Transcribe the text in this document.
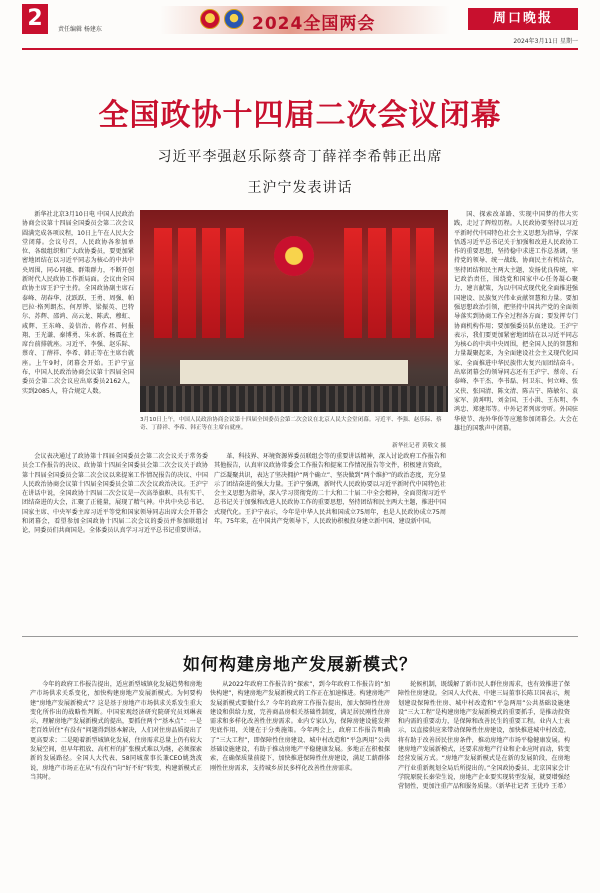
2	责任编辑 杨建东	2024全国两会	周口晚报
2024年3月11日 星期一
全国政协十四届二次会议闭幕
习近平李强赵乐际蔡奇丁薛祥李希韩正出席
王沪宁发表讲话

新华社北京3月10日电 中国人民政治协商会议第十四届全国委员会第二次会议圆满完成各项议程，10日上午在人民大会堂闭幕。会议号召，人民政协各参加单位、各级组织和广大政协委员，要更加紧密地团结在以习近平同志为核心的中共中央周围，同心同德、群策群力，不断开创新时代人民政协工作新局面。会议由全国政协主席王沪宁主持。全国政协副主席石泰峰、胡春华、沈跃跃、王勇、周强、帕巴拉·格列朗杰、何厚铧、梁振英、巴特尔、苏辉、邵鸿、高云龙、陈武、穆虹、咸辉、王东峰、姜信治、蒋作君、何报翔、王光谦、秦博勇、朱永新、杨震在主席台前排就座。习近平、李强、赵乐际、蔡奇、丁薛祥、李希、韩正等在主席台就座。上午9时，闭幕会开始。王沪宁宣布，中国人民政治协商会议第十四届全国委员会第二次会议应出席委员2162人，实到2085人，符合规定人数。

3月10日上午，中国人民政治协商会议第十四届全国委员会第二次会议在北京人民大会堂闭幕。习近平、李强、赵乐际、蔡奇、丁薛祥、李希、韩正等在主席台就座。
新华社记者 黄敬文 摄

国、探索改革路、实现中国梦的伟大实践，走过了辉煌历程。人民政协要坚持以习近平新时代中国特色社会主义思想为指导，学深悟透习近平总书记关于加强和改进人民政协工作的重要思想，坚持稳中求进工作总基调，坚持党的领导、统一战线、协商民主有机结合，坚持团结和民主两大主题，发扬优良传统，牢记政治责任，围绕党和国家中心任务凝心聚力、建言献策，为以中国式现代化全面推进强国建设、民族复兴伟业贡献智慧和力量。要加强思想政治引领，把坚持中国共产党的全面领导落实到协商工作全过程各方面；要发挥专门协商机构作用；要加强委员队伍建设。王沪宁表示，我们要更加紧密地团结在以习近平同志为核心的中共中央周围，把全国人民的智慧和力量凝聚起来，为全面建设社会主义现代化国家、全面推进中华民族伟大复兴而团结奋斗。出席闭幕会的领导同志还有王沪宁、蔡奇、石泰峰、李干杰、李书磊、何卫东、何立峰、张又侠、张国清、陈文清、陈吉宁、陈敏尔、袁家军、黄坤明、刘金国、王小洪、王东明、李鸿忠、郑建邦等。中外记者列席旁听。外国驻华使节、海外华侨等应邀参加闭幕会。大会在雄壮的国歌声中闭幕。

会议表决通过了政协第十四届全国委员会第二次会议关于常务委员会工作报告的决议、政协第十四届全国委员会第二次会议关于政协第十四届全国委员会第二次会议以来提案工作情况报告的决议、中国人民政治协商会议第十四届全国委员会第二次会议政治决议。王沪宁在讲话中说，全国政协十四届二次会议是一次高举旗帜、具有实干、团结奋进的大会，汇聚了正能量，展现了精气神。中共中央总书记、国家主席、中央军委主席习近平等党和国家领导同志出席大会开幕会和闭幕会，看望参加全国政协十四届二次会议的委员并参加联组讨论，同委员们共商国是。全体委员认真学习习近平总书记重要讲话。

革、科技界、环境资源界委员联组会等的重要讲话精神，深入讨论政府工作报告和其他报告，认真审议政协常委会工作报告和提案工作情况报告等文件，积极建言资政，广泛凝聚共识，表达了坚决拥护“两个确立”、坚决做到“两个维护”的政治态度，充分显示了团结奋进的强大力量。王沪宁强调，新时代人民政协要以习近平新时代中国特色社会主义思想为指导，深入学习贯彻党的二十大和二十届二中全会精神，全面贯彻习近平总书记关于加强和改进人民政协工作的重要思想，坚持团结和民主两大主题，推进中国式现代化。王沪宁表示，今年是中华人民共和国成立75周年，也是人民政协成立75周年。75年来，在中国共产党领导下，人民政协积极投身建立新中国、建设新中国。

如何构建房地产发展新模式？

今年的政府工作报告提出，适应新型城镇化发展趋势和房地产市场供求关系变化，加快构建房地产发展新模式。为何要构建“房地产发展新模式”？这是基于房地产市场供求关系发生重大变化所作出的战略性判断。中国宏观经济研究院研究员刘琳表示，理解房地产发展新模式的提出，要抓住两个“基本点”：一是老百姓居住“有没有”问题得到基本解决，人们对住房品质提出了更高要求；二是随着新型城镇化发展，住房需求总量上仍有较大发展空间，但早年粗放、高杠杆的扩张模式难以为继，必须探索新的发展路径。全国人大代表、58同城董事长兼CEO姚劲波说，房地产市场正在从“有没有”向“好不好”转变，构建新模式正当其时。

从2022年政府工作报告的“探索”，到今年政府工作报告的“加快构建”，构建房地产发展新模式的工作正在加速推进。构建房地产发展新模式要做什么？今年的政府工作报告提出，加大保障性住房建设和供给力度，完善商品房相关基础性制度，满足居民刚性住房需求和多样化改善性住房需求。业内专家认为，保障房建设能发挥兜底作用，关键在于分类施策。今年两会上，政府工作报告明确了“三大工程”，即保障性住房建设、城中村改造和“平急两用”公共基础设施建设，有助于推动房地产平稳健康发展。多地正在积极探索，在确保质量前提下，加快推进保障性住房建设，满足工薪群体刚性住房需求，支持城乡居民多样化改善性住房需求。

轮候机制，既缓解了新市民人群住房需求，也有效推进了保障性住房建设。全国人大代表、中建三局董事长陈卫国表示，规划建设保障性住房、城中村改造和“平急两用”公共基础设施建设“三大工程”是构建房地产发展新模式的重要抓手，是推动投资和内需的重要动力，是保障和改善民生的重要工程。业内人士表示，以直接供应来带动保障性住房建设，加快推进城中村改造，将有助于改善居民住房条件，推动房地产市场平稳健康发展。构建房地产发展新模式，还要求房地产行业和企业应时而动，转变经营发展方式。“房地产发展新模式是在新的发展阶段，在房地产行业重新规划全局后所提出的。”全国政协委员、北京国家会计学院原院长秦荣生说，房地产企业要实现转型发展，就要增强经营韧性，更加注重产品和服务质量。（新华社记者 王优玲 王希）
